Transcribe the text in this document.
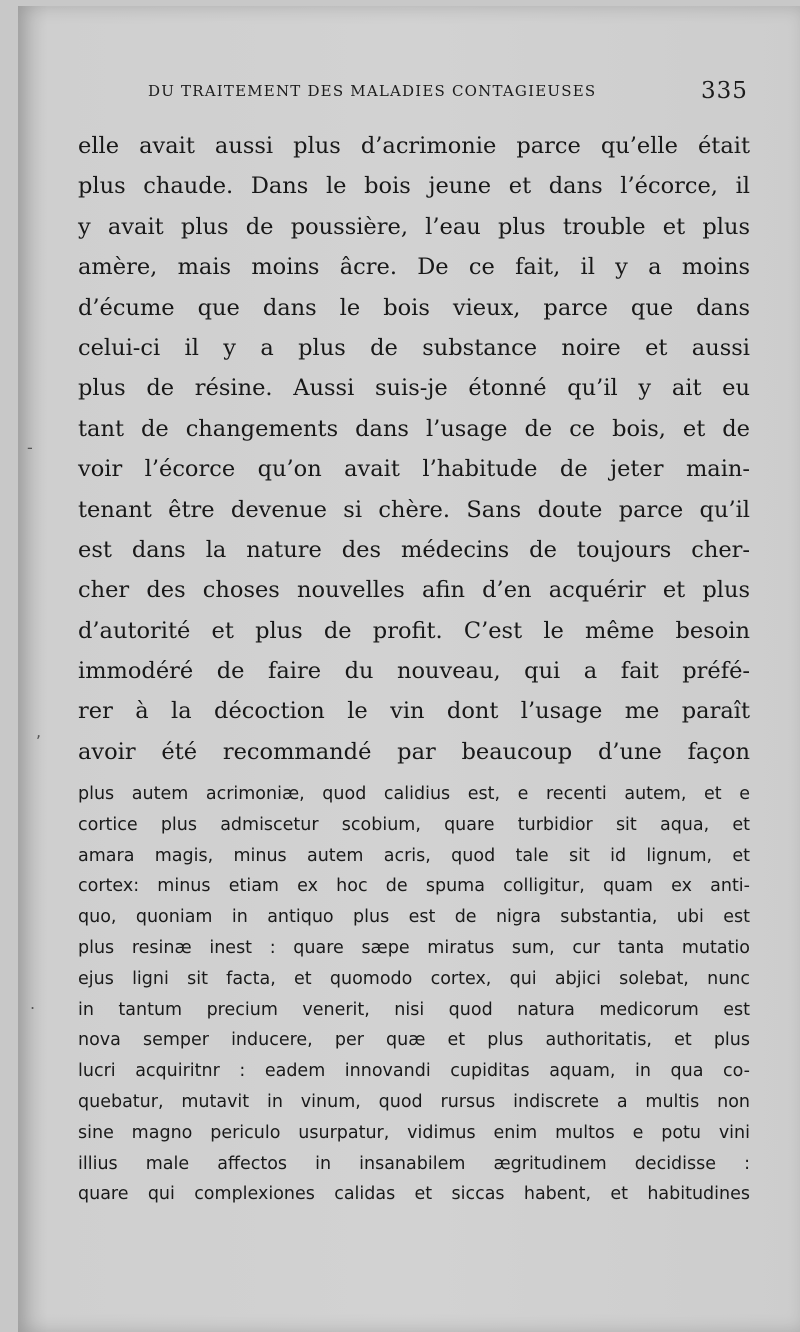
DU TRAITEMENT DES MALADIES CONTAGIEUSES	335
elle avait aussi plus d’acrimonie parce qu’elle était
plus chaude. Dans le bois jeune et dans l’écorce, il
y avait plus de poussière, l’eau plus trouble et plus
amère, mais moins âcre. De ce fait, il y a moins
d’écume que dans le bois vieux, parce que dans
celui-ci il y a plus de substance noire et aussi
plus de résine. Aussi suis-je étonné qu’il y ait eu
tant de changements dans l’usage de ce bois, et de
voir l’écorce qu’on avait l’habitude de jeter main-
tenant être devenue si chère. Sans doute parce qu’il
est dans la nature des médecins de toujours cher-
cher des choses nouvelles afin d’en acquérir et plus
d’autorité et plus de profit. C’est le même besoin
immodéré de faire du nouveau, qui a fait préfé-
rer à la décoction le vin dont l’usage me paraît
avoir été recommandé par beaucoup d’une façon
plus autem acrimoniæ, quod calidius est, e recenti autem, et e
cortice plus admiscetur scobium, quare turbidior sit aqua, et
amara magis, minus autem acris, quod tale sit id lignum, et
cortex: minus etiam ex hoc de spuma colligitur, quam ex anti-
quo, quoniam in antiquo plus est de nigra substantia, ubi est
plus resinæ inest : quare sæpe miratus sum, cur tanta mutatio
ejus ligni sit facta, et quomodo cortex, qui abjici solebat, nunc
in tantum precium venerit, nisi quod natura medicorum est
nova semper inducere, per quæ et plus authoritatis, et plus
lucri acquiritnr : eadem innovandi cupiditas aquam, in qua co-
quebatur, mutavit in vinum, quod rursus indiscrete a multis non
sine magno periculo usurpatur, vidimus enim multos e potu vini
illius male affectos in insanabilem ægritudinem decidisse :
quare qui complexiones calidas et siccas habent, et habitudines
-
,
.
